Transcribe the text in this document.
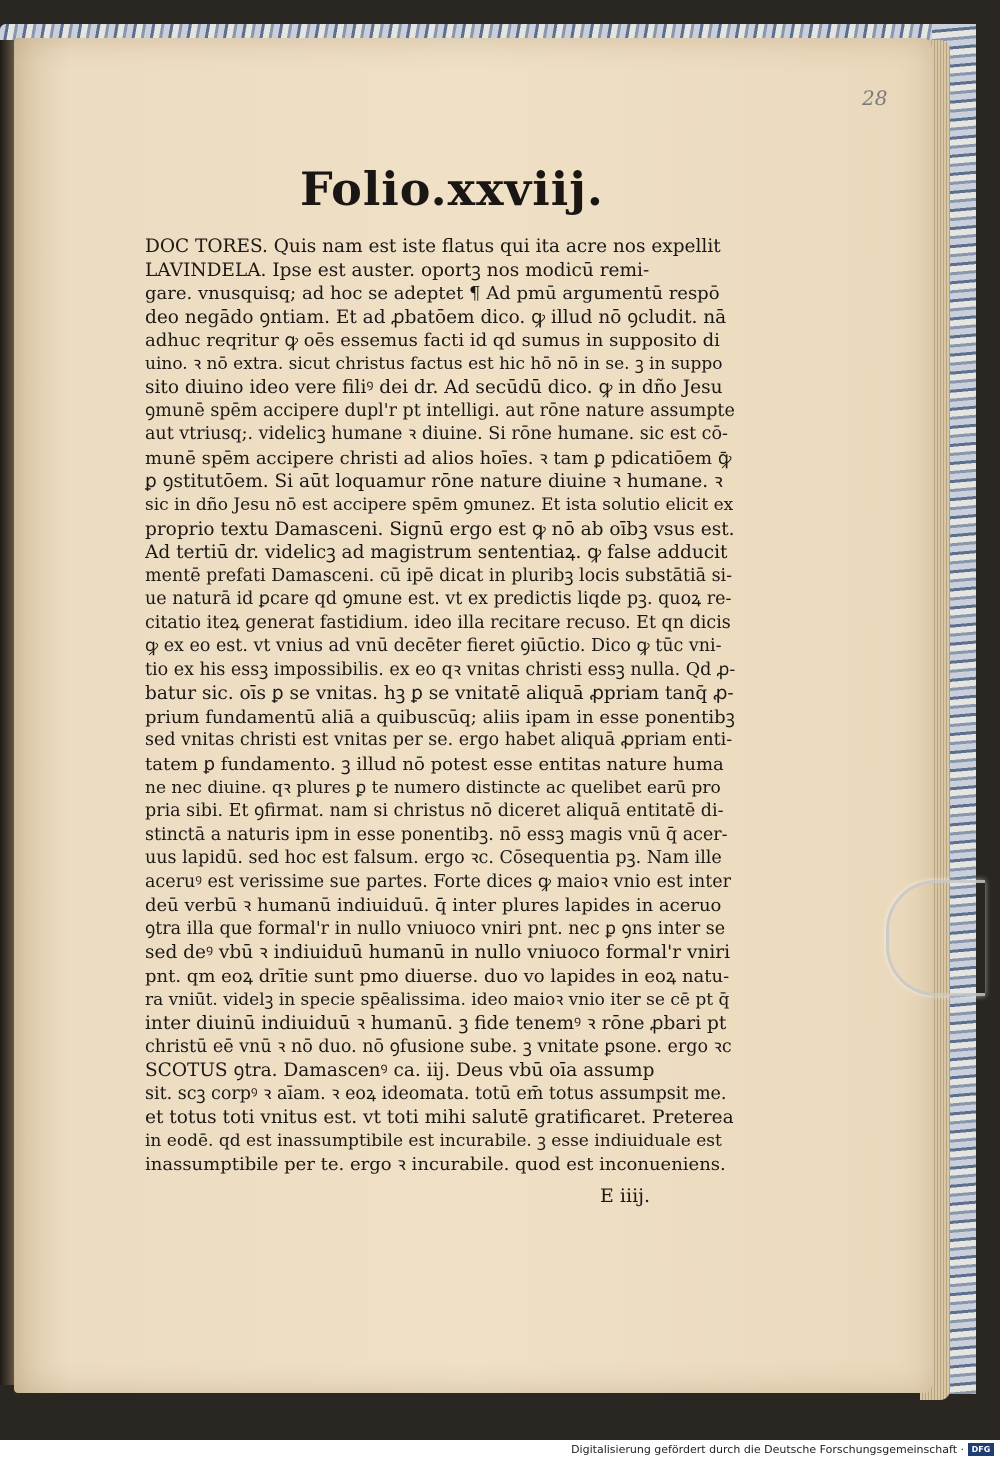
28
Folio.xxviij.
DOC TORES. Quis nam est iste flatus qui ita acre nos expellit
LAVINDELA. Ipse est auster. oportꝫ nos modicū remi‑
gare. vnusquisq; ad hoc se adeptet ¶ Ad pmū argumentū respō
deo negādo ꝯntiam. Et ad ꝓbatōem dico. ꝙ illud nō ꝯcludit. nā
adhuc reqritur ꝙ oēs essemus facti id qd sumus in supposito di
uino. ꝛ nō extra. sicut christus factus est hic hō nō in se. ꝫ in suppo
sito diuino ideo vere filiꝰ dei dr. Ad secūdū dico. ꝙ in dño Jesu
ꝯmunē spēm accipere dupl'r pt intelligi. aut rōne nature assumpte
aut vtriusq;. videlicꝫ humane ꝛ diuine. Si rōne humane. sic est cō‑
munē spēm accipere christi ad alios hoīes. ꝛ tam ꝑ pdicatiōem ꝙ̄
ꝑ ꝯstitutōem. Si aūt loquamur rōne nature diuine ꝛ humane. ꝛ
sic in dño Jesu nō est accipere spēm ꝯmunez. Et ista solutio elicit ex
proprio textu Damasceni. Signū ergo est ꝙ nō ab oībꝫ vsus est.
Ad tertiū dr. videlicꝫ ad magistrum sententiaꝝ. ꝙ false adducit
mentē prefati Damasceni. cū ipē dicat in pluribꝫ locis substātiā si‑
ue naturā id ꝑcare qd ꝯmune est. vt ex predictis liqde pꝫ. quoꝝ re‑
citatio iteꝝ generat fastidium. ideo illa recitare recuso. Et qn dicis
ꝙ ex eo est. vt vnius ad vnū decēter fieret ꝯiūctio. Dico ꝙ tūc vni‑
tio ex his essꝫ impossibilis. ex eo qꝛ vnitas christi essꝫ nulla. Qd ꝓ‑
batur sic. oīs ꝑ se vnitas. hꝫ ꝑ se vnitatē aliquā ꝓpriam tanq̄ ꝓ‑
prium fundamentū aliā a quibuscūq; aliis ipam in esse ponentibꝫ
sed vnitas christi est vnitas per se. ergo habet aliquā ꝓpriam enti‑
tatem ꝑ fundamento. ꝫ illud nō potest esse entitas nature huma
ne nec diuine. qꝛ plures ꝑ te numero distincte ac quelibet earū pro
pria sibi. Et ꝯfirmat. nam si christus nō diceret aliquā entitatē di‑
stinctā a naturis ipm in esse ponentibꝫ. nō essꝫ magis vnū q̄ acer‑
uus lapidū. sed hoc est falsum. ergo ꝛc. Cōsequentia pꝫ. Nam ille
aceruꝰ est verissime sue partes. Forte dices ꝙ maioꝛ vnio est inter
deū verbū ꝛ humanū indiuiduū. q̄ inter plures lapides in aceruo
ꝯtra illa que formal'r in nullo vniuoco vniri pnt. nec ꝑ ꝯns inter se
sed deꝰ vbū ꝛ indiuiduū humanū in nullo vniuoco formal'r vniri
pnt. qm eoꝝ drītie sunt pmo diuerse. duo vo lapides in eoꝝ natu‑
ra vniūt. videlꝫ in specie spēalissima. ideo maioꝛ vnio iter se cē pt q̄
inter diuinū indiuiduū ꝛ humanū. ꝫ fide tenemꝰ ꝛ rōne ꝓbari pt
christū eē vnū ꝛ nō duo. nō ꝯfusione sube. ꝫ vnitate ꝑsone. ergo ꝛc
SCOTUS ꝯtra. Damascenꝰ ca. iij. Deus vbū oīa assump
sit. scꝫ corpꝰ ꝛ aīam. ꝛ eoꝝ ideomata. totū em̄ totus assumpsit me.
et totus toti vnitus est. vt toti mihi salutē gratificaret. Preterea
in eodē. qd est inassumptibile est incurabile. ꝫ esse indiuiduale est
inassumptibile per te. ergo ꝛ incurabile. quod est inconueniens.
E iiij.
Digitalisierung gefördert durch die Deutsche Forschungsgemeinschaft · DFG
